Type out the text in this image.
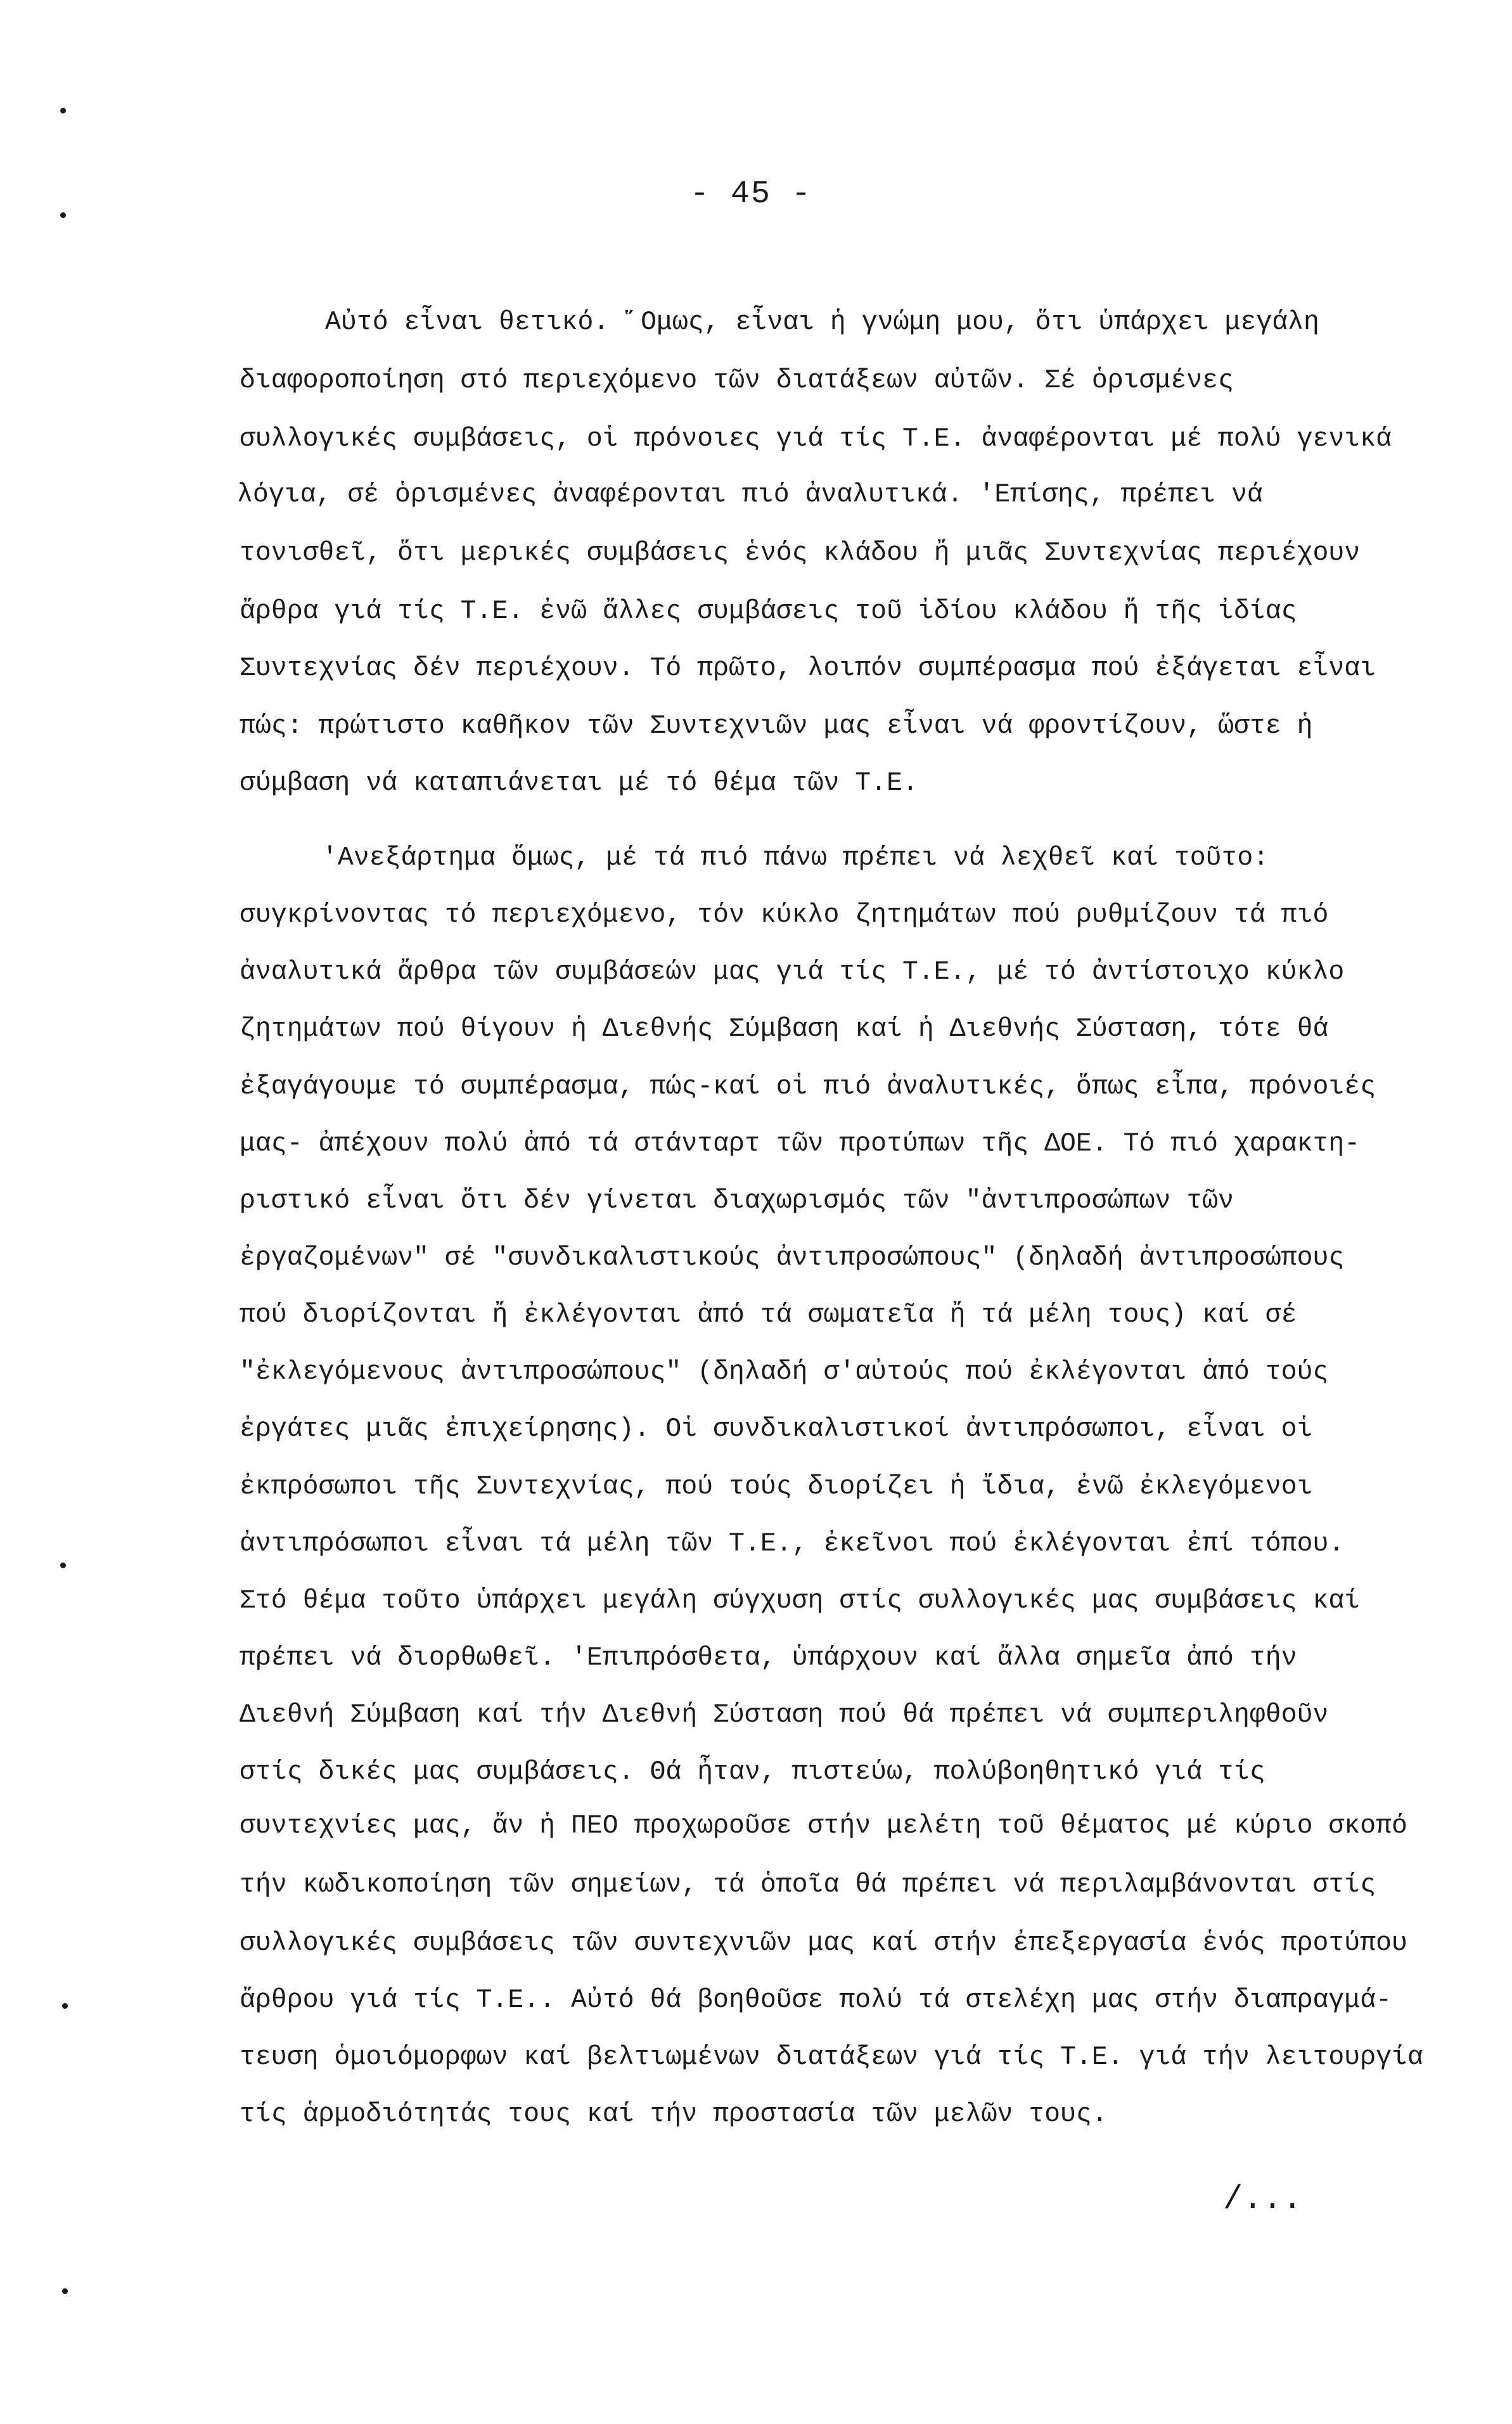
- 45 -
Αὐτό εἶναι θετικό. ῞Ομως, εἶναι ἡ γνώμη μου, ὅτι ὑπάρχει μεγάλη
διαφοροποίηση στό περιεχόμενο τῶν διατάξεων αὐτῶν. Σέ ὁρισμένες
συλλογικές συμβάσεις, οἱ πρόνοιες γιά τίς Τ.Ε. ἀναφέρονται μέ πολύ γενικά
λόγια, σέ ὁρισμένες ἀναφέρονται πιό ἀναλυτικά. 'Επίσης, πρέπει νά
τονισθεῖ, ὅτι μερικές συμβάσεις ἑνός κλάδου ἤ μιᾶς Συντεχνίας περιέχουν
ἄρθρα γιά τίς Τ.Ε. ἐνῶ ἄλλες συμβάσεις τοῦ ἰδίου κλάδου ἤ τῆς ἰδίας
Συντεχνίας δέν περιέχουν. Τό πρῶτο, λοιπόν συμπέρασμα πού ἐξάγεται εἶναι
πώς: πρώτιστο καθῆκον τῶν Συντεχνιῶν μας εἶναι νά φροντίζουν, ὥστε ἡ
σύμβαση νά καταπιάνεται μέ τό θέμα τῶν Τ.Ε.
'Ανεξάρτημα ὅμως, μέ τά πιό πάνω πρέπει νά λεχθεῖ καί τοῦτο:
συγκρίνοντας τό περιεχόμενο, τόν κύκλο ζητημάτων πού ρυθμίζουν τά πιό
ἀναλυτικά ἄρθρα τῶν συμβάσεών μας γιά τίς Τ.Ε., μέ τό ἀντίστοιχο κύκλο
ζητημάτων πού θίγουν ἡ Διεθνής Σύμβαση καί ἡ Διεθνής Σύσταση, τότε θά
ἐξαγάγουμε τό συμπέρασμα, πώς-καί οἱ πιό ἀναλυτικές, ὅπως εἶπα, πρόνοιές
μας- ἀπέχουν πολύ ἀπό τά στάνταρτ τῶν προτύπων τῆς ΔΟΕ. Τό πιό χαρακτη-
ριστικό εἶναι ὅτι δέν γίνεται διαχωρισμός τῶν "ἀντιπροσώπων τῶν
ἐργαζομένων" σέ "συνδικαλιστικούς ἀντιπροσώπους" (δηλαδή ἀντιπροσώπους
πού διορίζονται ἤ ἐκλέγονται ἀπό τά σωματεῖα ἤ τά μέλη τους) καί σέ
"ἐκλεγόμενους ἀντιπροσώπους" (δηλαδή σ'αὐτούς πού ἐκλέγονται ἀπό τούς
ἐργάτες μιᾶς ἐπιχείρησης). Οἱ συνδικαλιστικοί ἀντιπρόσωποι, εἶναι οἱ
ἐκπρόσωποι τῆς Συντεχνίας, πού τούς διορίζει ἡ ἴδια, ἐνῶ ἐκλεγόμενοι
ἀντιπρόσωποι εἶναι τά μέλη τῶν Τ.Ε., ἐκεῖνοι πού ἐκλέγονται ἐπί τόπου.
Στό θέμα τοῦτο ὑπάρχει μεγάλη σύγχυση στίς συλλογικές μας συμβάσεις καί
πρέπει νά διορθωθεῖ. 'Επιπρόσθετα, ὑπάρχουν καί ἄλλα σημεῖα ἀπό τήν
Διεθνή Σύμβαση καί τήν Διεθνή Σύσταση πού θά πρέπει νά συμπεριληφθοῦν
στίς δικές μας συμβάσεις. Θά ἦταν, πιστεύω, πολύβοηθητικό γιά τίς
συντεχνίες μας, ἄν ἡ ΠΕΟ προχωροῦσε στήν μελέτη τοῦ θέματος μέ κύριο σκοπό
τήν κωδικοποίηση τῶν σημείων, τά ὁποῖα θά πρέπει νά περιλαμβάνονται στίς
συλλογικές συμβάσεις τῶν συντεχνιῶν μας καί στήν ἐπεξεργασία ἑνός προτύπου
ἄρθρου γιά τίς Τ.Ε.. Αὐτό θά βοηθοῦσε πολύ τά στελέχη μας στήν διαπραγμά-
τευση ὁμοιόμορφων καί βελτιωμένων διατάξεων γιά τίς Τ.Ε. γιά τήν λειτουργία
τίς ἁρμοδιότητάς τους καί τήν προστασία τῶν μελῶν τους.
/...
